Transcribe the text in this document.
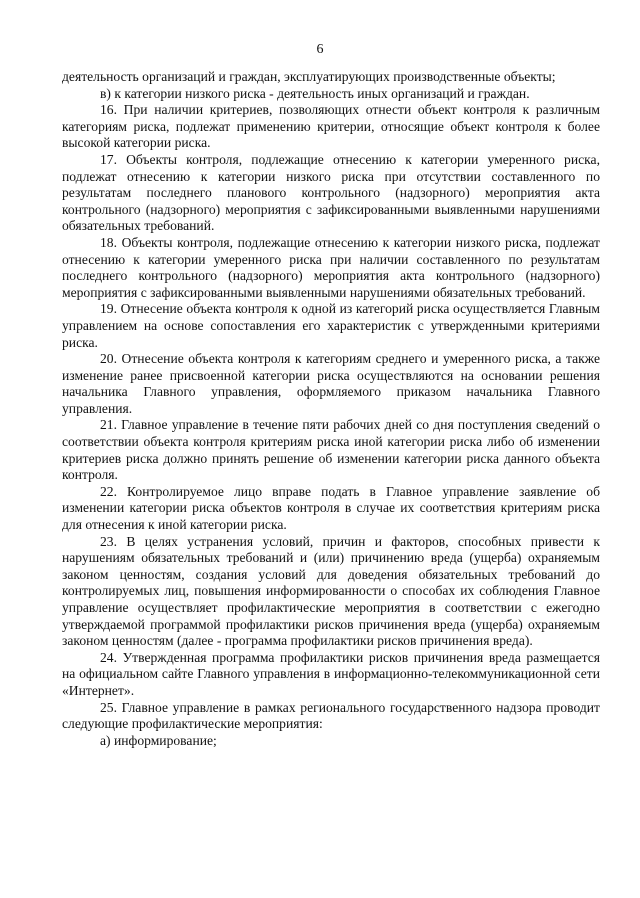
6

деятельность организаций и граждан, эксплуатирующих производственные объекты;

в) к категории низкого риска - деятельность иных организаций и граждан.

16. При наличии критериев, позволяющих отнести объект контроля к различным категориям риска, подлежат применению критерии, относящие объект контроля к более высокой категории риска.

17. Объекты контроля, подлежащие отнесению к категории умеренного риска, подлежат отнесению к категории низкого риска при отсутствии составленного по результатам последнего планового контрольного (надзорного) мероприятия акта контрольного (надзорного) мероприятия с зафиксированными выявленными нарушениями обязательных требований.

18. Объекты контроля, подлежащие отнесению к категории низкого риска, подлежат отнесению к категории умеренного риска при наличии составленного по результатам последнего контрольного (надзорного) мероприятия акта контрольного (надзорного) мероприятия с зафиксированными выявленными нарушениями обязательных требований.

19. Отнесение объекта контроля к одной из категорий риска осуществляется Главным управлением на основе сопоставления его характеристик с утвержденными критериями риска.

20. Отнесение объекта контроля к категориям среднего и умеренного риска, а также изменение ранее присвоенной категории риска осуществляются на основании решения начальника Главного управления, оформляемого приказом начальника Главного управления.

21. Главное управление в течение пяти рабочих дней со дня поступления сведений о соответствии объекта контроля критериям риска иной категории риска либо об изменении критериев риска должно принять решение об изменении категории риска данного объекта контроля.

22. Контролируемое лицо вправе подать в Главное управление заявление об изменении категории риска объектов контроля в случае их соответствия критериям риска для отнесения к иной категории риска.

23. В целях устранения условий, причин и факторов, способных привести к нарушениям обязательных требований и (или) причинению вреда (ущерба) охраняемым законом ценностям, создания условий для доведения обязательных требований до контролируемых лиц, повышения информированности о способах их соблюдения Главное управление осуществляет профилактические мероприятия в соответствии с ежегодно утверждаемой программой профилактики рисков причинения вреда (ущерба) охраняемым законом ценностям (далее - программа профилактики рисков причинения вреда).

24. Утвержденная программа профилактики рисков причинения вреда размещается на официальном сайте Главного управления в информационно-телекоммуникационной сети «Интернет».

25. Главное управление в рамках регионального государственного надзора проводит следующие профилактические мероприятия:

а) информирование;
